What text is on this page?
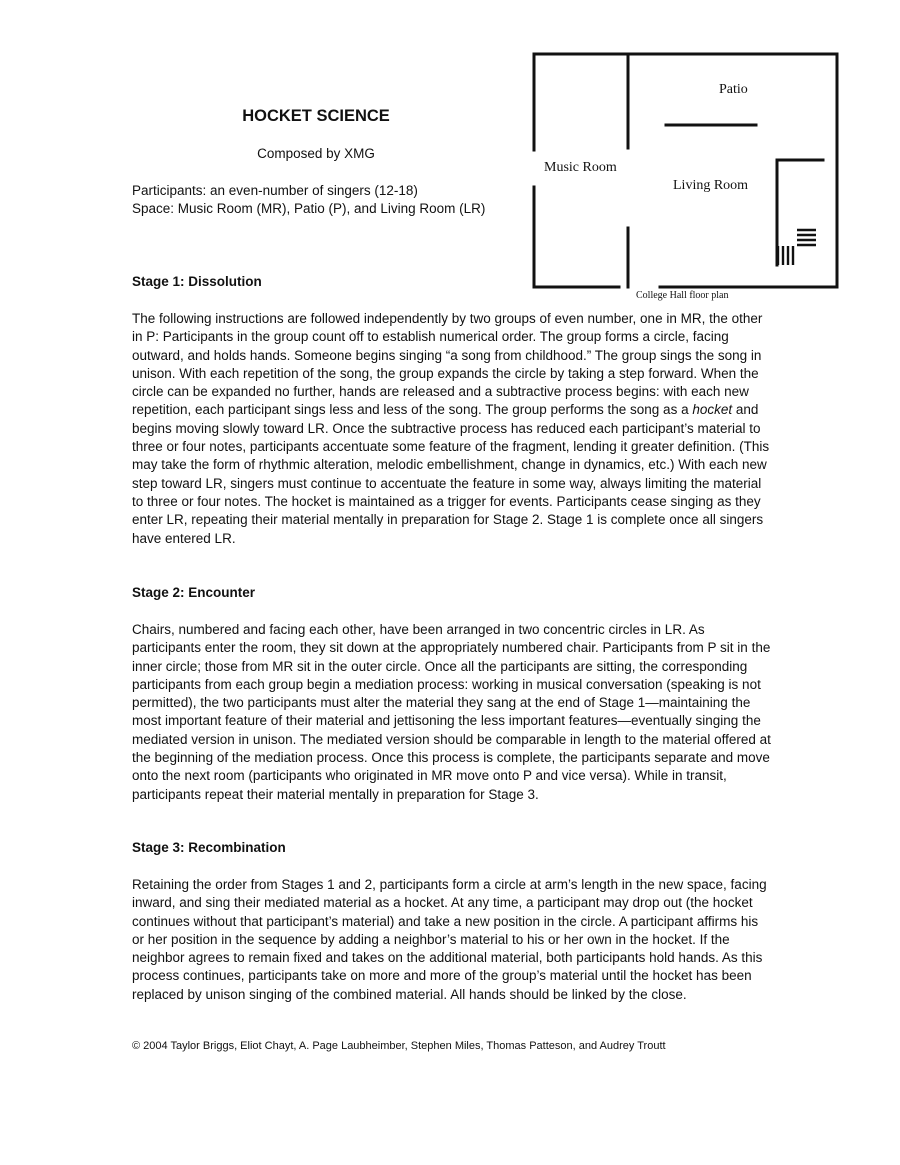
HOCKET SCIENCE

Composed by XMG

Participants: an even-number of singers (12-18)
Space: Music Room (MR), Patio (P), and Living Room (LR)
Patio
Music Room
Living Room
College Hall floor plan
Stage 1: Dissolution

The following instructions are followed independently by two groups of even number, one in MR, the other in P: Participants in the group count off to establish numerical order. The group forms a circle, facing outward, and holds hands. Someone begins singing “a song from childhood.” The group sings the song in unison. With each repetition of the song, the group expands the circle by taking a step forward. When the circle can be expanded no further, hands are released and a subtractive process begins: with each new repetition, each participant sings less and less of the song. The group performs the song as a hocket and begins moving slowly toward LR. Once the subtractive process has reduced each participant’s material to three or four notes, participants accentuate some feature of the fragment, lending it greater definition. (This may take the form of rhythmic alteration, melodic embellishment, change in dynamics, etc.) With each new step toward LR, singers must continue to accentuate the feature in some way, always limiting the material to three or four notes. The hocket is maintained as a trigger for events. Participants cease singing as they enter LR, repeating their material mentally in preparation for Stage 2. Stage 1 is complete once all singers have entered LR.

Stage 2: Encounter

Chairs, numbered and facing each other, have been arranged in two concentric circles in LR. As participants enter the room, they sit down at the appropriately numbered chair. Participants from P sit in the inner circle; those from MR sit in the outer circle. Once all the participants are sitting, the corresponding participants from each group begin a mediation process: working in musical conversation (speaking is not permitted), the two participants must alter the material they sang at the end of Stage 1—maintaining the most important feature of their material and jettisoning the less important features—eventually singing the mediated version in unison. The mediated version should be comparable in length to the material offered at the beginning of the mediation process. Once this process is complete, the participants separate and move onto the next room (participants who originated in MR move onto P and vice versa). While in transit, participants repeat their material mentally in preparation for Stage 3.

Stage 3: Recombination

Retaining the order from Stages 1 and 2, participants form a circle at arm’s length in the new space, facing inward, and sing their mediated material as a hocket. At any time, a participant may drop out (the hocket continues without that participant’s material) and take a new position in the circle. A participant affirms his or her position in the sequence by adding a neighbor’s material to his or her own in the hocket. If the neighbor agrees to remain fixed and takes on the additional material, both participants hold hands. As this process continues, participants take on more and more of the group’s material until the hocket has been replaced by unison singing of the combined material. All hands should be linked by the close.

© 2004 Taylor Briggs, Eliot Chayt, A. Page Laubheimber, Stephen Miles, Thomas Patteson, and Audrey Troutt
